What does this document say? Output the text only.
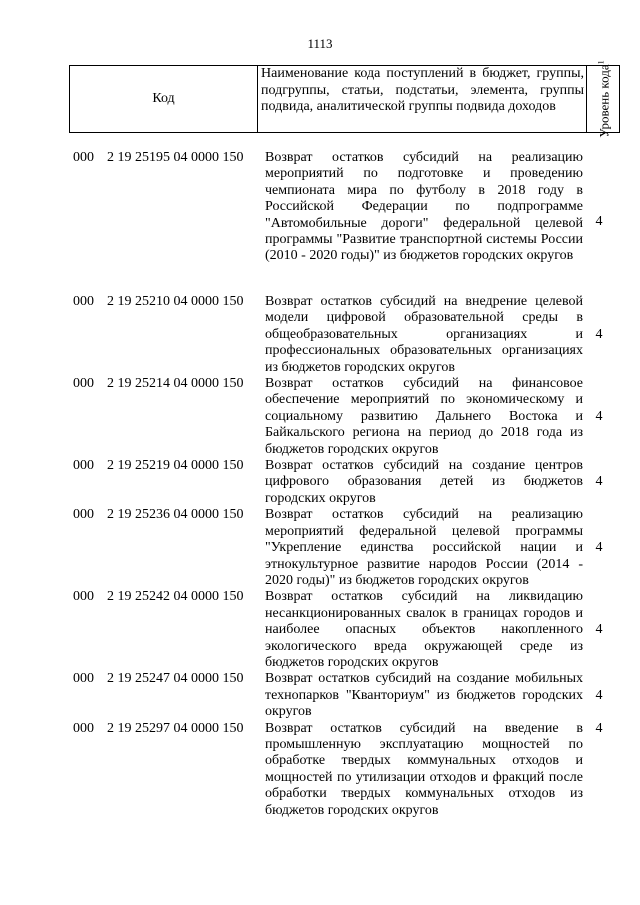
1113
Код	Наименование кода поступлений в бюджет, группы, подгруппы, статьи, подстатьи, элемента, группы подвида, аналитической группы подвида доходов	Уровень кода$^1$
000	2 19 25195 04 0000 150	Возврат остатков субсидий на реализацию мероприятий по подготовке и проведению чемпионата мира по футболу в 2018 году в Российской Федерации по подпрограмме "Автомобильные дороги" федеральной целевой программы "Развитие транспортной системы России (2010 - 2020 годы)" из бюджетов городских округов	4
000	2 19 25210 04 0000 150	Возврат остатков субсидий на внедрение целевой модели цифровой образовательной среды в общеобразовательных организациях и профессиональных образовательных организациях из бюджетов городских округов	4
000	2 19 25214 04 0000 150	Возврат остатков субсидий на финансовое обеспечение мероприятий по экономическому и социальному развитию Дальнего Востока и Байкальского региона на период до 2018 года из бюджетов городских округов	4
000	2 19 25219 04 0000 150	Возврат остатков субсидий на создание центров цифрового образования детей из бюджетов городских округов	4
000	2 19 25236 04 0000 150	Возврат остатков субсидий на реализацию мероприятий федеральной целевой программы "Укрепление единства российской нации и этнокультурное развитие народов России (2014 - 2020 годы)" из бюджетов городских округов	4
000	2 19 25242 04 0000 150	Возврат остатков субсидий на ликвидацию несанкционированных свалок в границах городов и наиболее опасных объектов накопленного экологического вреда окружающей среде из бюджетов городских округов	4
000	2 19 25247 04 0000 150	Возврат остатков субсидий на создание мобильных технопарков "Кванториум" из бюджетов городских округов	4
000	2 19 25297 04 0000 150	Возврат остатков субсидий на введение в промышленную эксплуатацию мощностей по обработке твердых коммунальных отходов и мощностей по утилизации отходов и фракций после обработки твердых коммунальных отходов из бюджетов городских округов	4
